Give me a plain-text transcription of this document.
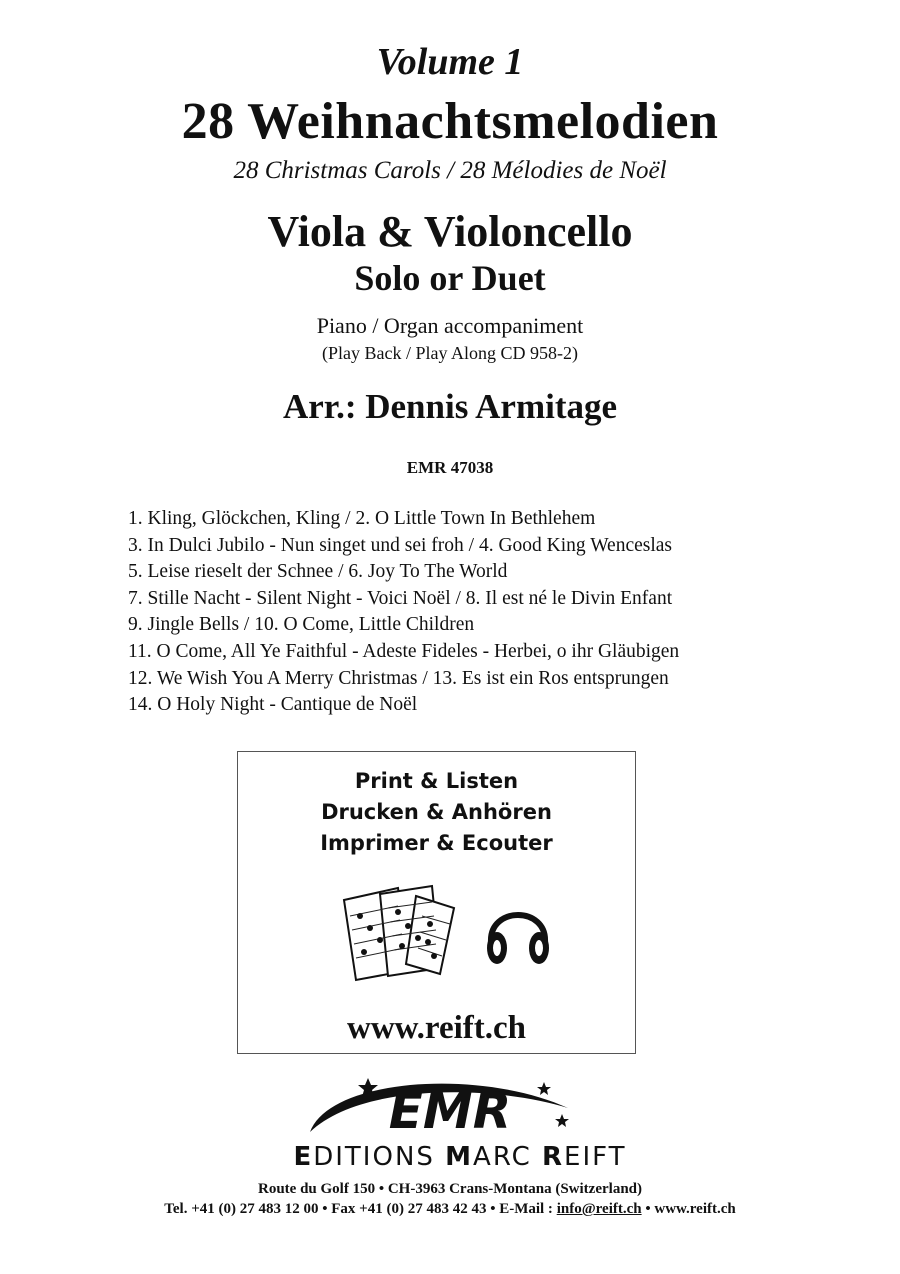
Volume 1
28 Weihnachtsmelodien
28 Christmas Carols / 28 Mélodies de Noël
Viola & Violoncello
Solo or Duet
Piano / Organ accompaniment
(Play Back / Play Along CD 958-2)
Arr.: Dennis Armitage
EMR 47038
1. Kling, Glöckchen, Kling / 2. O Little Town In Bethlehem
3. In Dulci Jubilo - Nun singet und sei froh / 4. Good King Wenceslas
5. Leise rieselt der Schnee / 6. Joy To The World
7. Stille Nacht - Silent Night - Voici Noël / 8. Il est né le Divin Enfant
9. Jingle Bells / 10. O Come, Little Children
11. O Come, All Ye Faithful - Adeste Fideles - Herbei, o ihr Gläubigen
12. We Wish You A Merry Christmas / 13. Es ist ein Ros entsprungen
14. O Holy Night - Cantique de Noël
Print & Listen
Drucken & Anhören
Imprimer & Ecouter
www.reift.ch
EMR
EDITIONS MARC REIFT
Route du Golf 150 • CH-3963 Crans-Montana (Switzerland)
Tel. +41 (0) 27 483 12 00 • Fax +41 (0) 27 483 42 43 • E-Mail : info@reift.ch • www.reift.ch
